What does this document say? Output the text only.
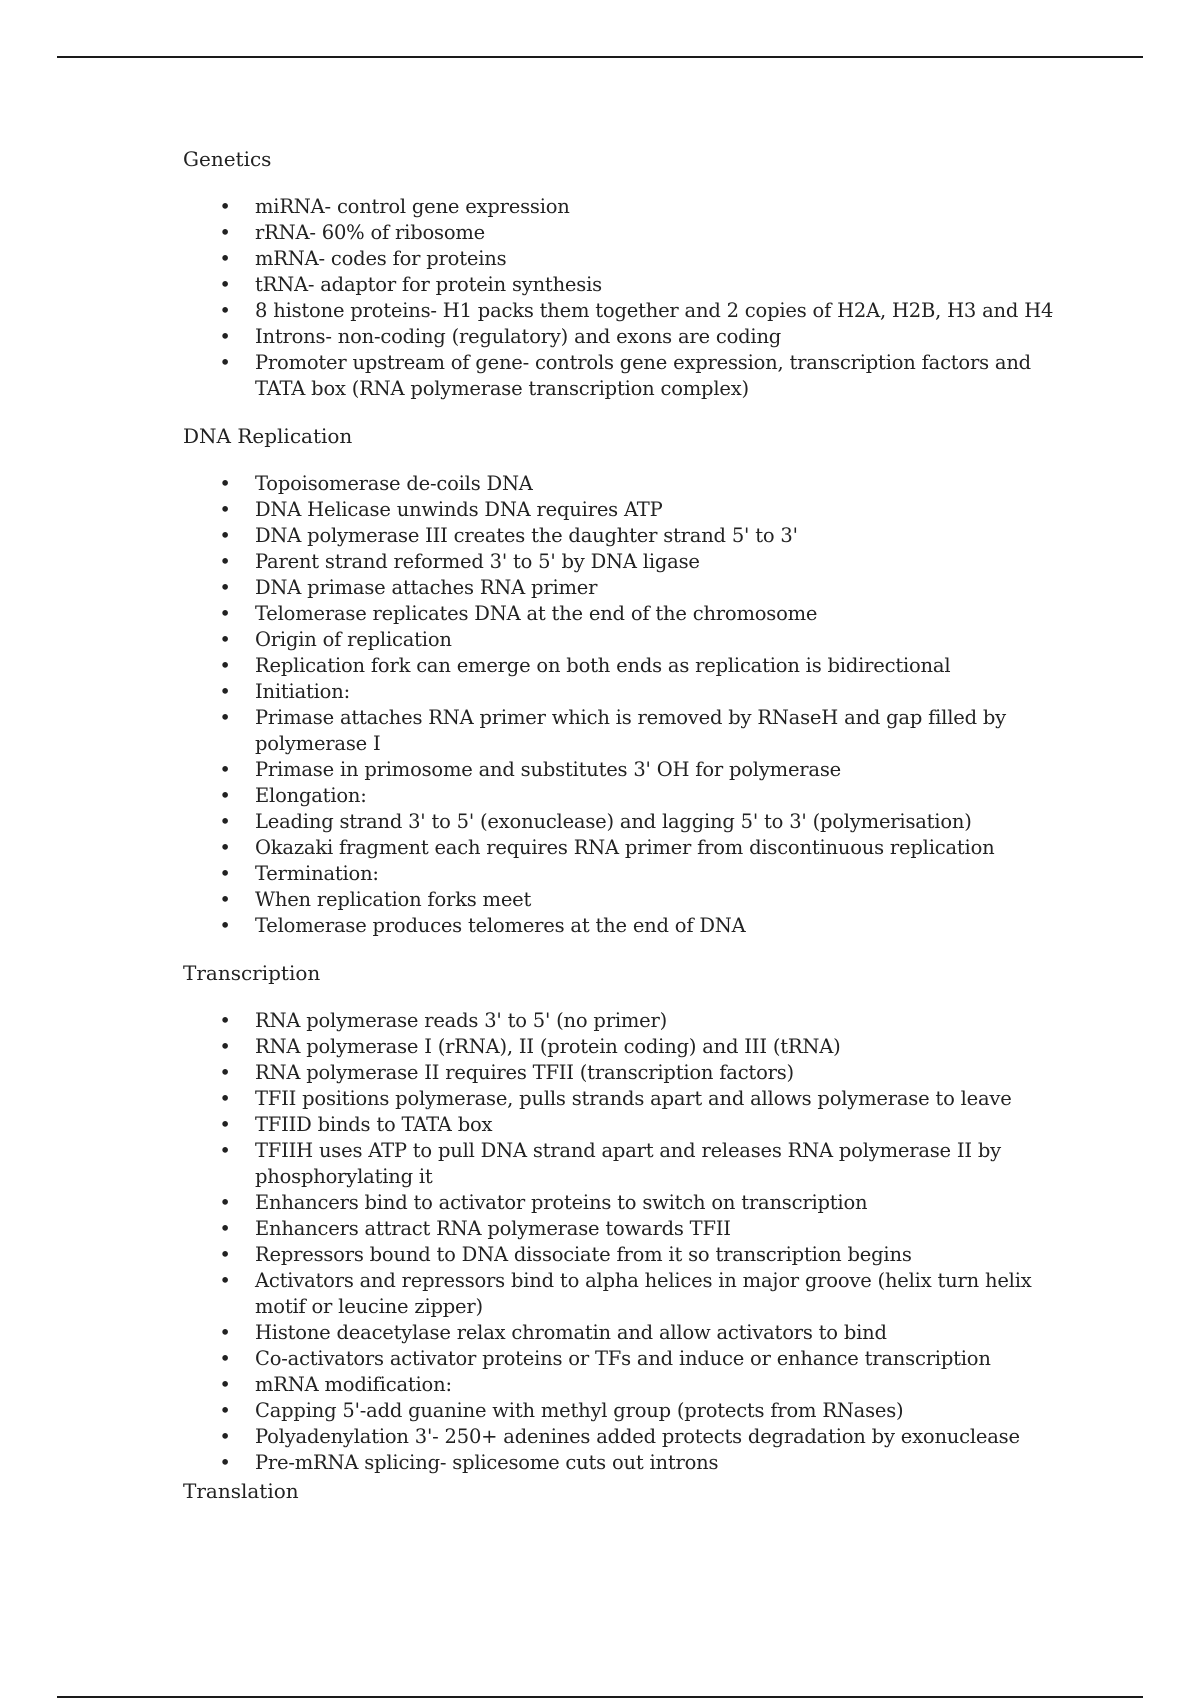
Genetics
• miRNA- control gene expression
• rRNA- 60% of ribosome
• mRNA- codes for proteins
• tRNA- adaptor for protein synthesis
• 8 histone proteins- H1 packs them together and 2 copies of H2A, H2B, H3 and H4
• Introns- non-coding (regulatory) and exons are coding
• Promoter upstream of gene- controls gene expression, transcription factors and TATA box (RNA polymerase transcription complex)
DNA Replication
• Topoisomerase de-coils DNA
• DNA Helicase unwinds DNA requires ATP
• DNA polymerase III creates the daughter strand 5' to 3'
• Parent strand reformed 3' to 5' by DNA ligase
• DNA primase attaches RNA primer
• Telomerase replicates DNA at the end of the chromosome
• Origin of replication
• Replication fork can emerge on both ends as replication is bidirectional
• Initiation:
• Primase attaches RNA primer which is removed by RNaseH and gap filled by polymerase I
• Primase in primosome and substitutes 3' OH for polymerase
• Elongation:
• Leading strand 3' to 5' (exonuclease) and lagging 5' to 3' (polymerisation)
• Okazaki fragment each requires RNA primer from discontinuous replication
• Termination:
• When replication forks meet
• Telomerase produces telomeres at the end of DNA
Transcription
• RNA polymerase reads 3' to 5' (no primer)
• RNA polymerase I (rRNA), II (protein coding) and III (tRNA)
• RNA polymerase II requires TFII (transcription factors)
• TFII positions polymerase, pulls strands apart and allows polymerase to leave
• TFIID binds to TATA box
• TFIIH uses ATP to pull DNA strand apart and releases RNA polymerase II by phosphorylating it
• Enhancers bind to activator proteins to switch on transcription
• Enhancers attract RNA polymerase towards TFII
• Repressors bound to DNA dissociate from it so transcription begins
• Activators and repressors bind to alpha helices in major groove (helix turn helix motif or leucine zipper)
• Histone deacetylase relax chromatin and allow activators to bind
• Co-activators activator proteins or TFs and induce or enhance transcription
• mRNA modification:
• Capping 5'-add guanine with methyl group (protects from RNases)
• Polyadenylation 3'- 250+ adenines added protects degradation by exonuclease
• Pre-mRNA splicing- splicesome cuts out introns
Translation
